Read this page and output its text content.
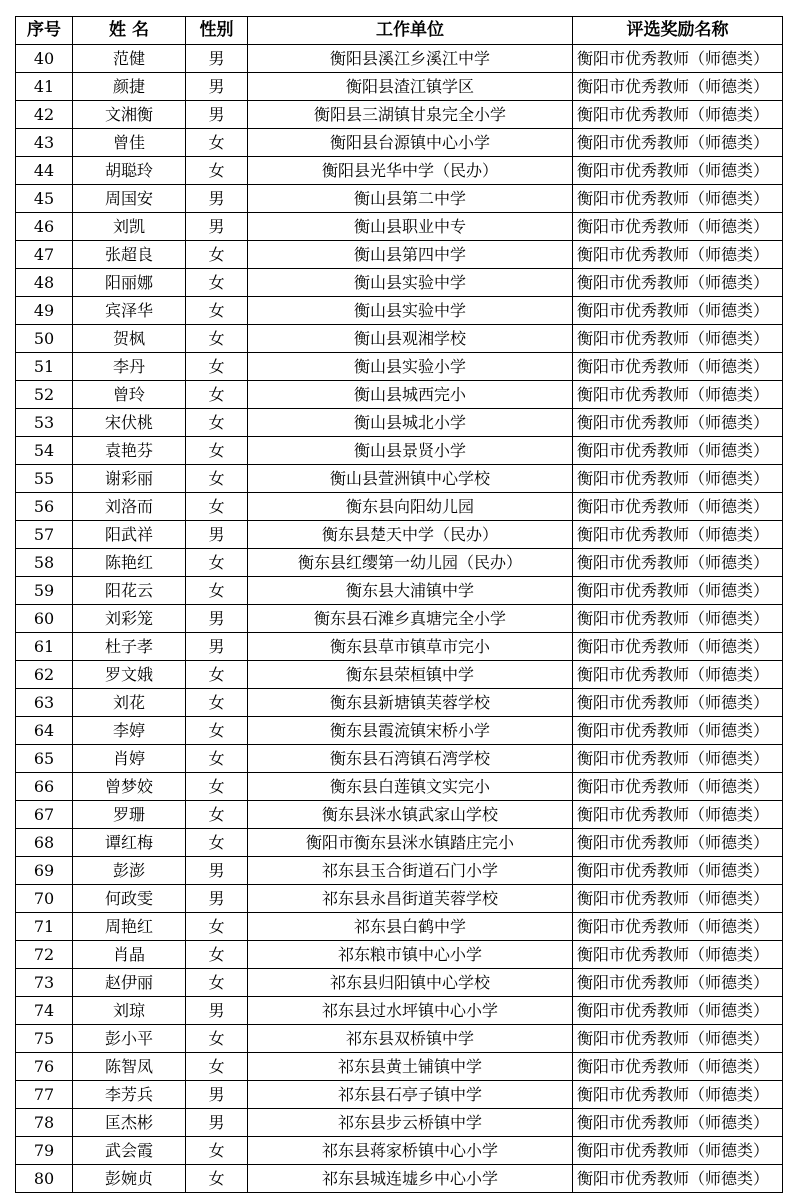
序号	姓 名	性别	工作单位	评选奖励名称
40	范健	男	衡阳县溪江乡溪江中学	衡阳市优秀教师（师德类）
41	颜捷	男	衡阳县渣江镇学区	衡阳市优秀教师（师德类）
42	文湘衡	男	衡阳县三湖镇甘泉完全小学	衡阳市优秀教师（师德类）
43	曾佳	女	衡阳县台源镇中心小学	衡阳市优秀教师（师德类）
44	胡聪玲	女	衡阳县光华中学（民办）	衡阳市优秀教师（师德类）
45	周国安	男	衡山县第二中学	衡阳市优秀教师（师德类）
46	刘凯	男	衡山县职业中专	衡阳市优秀教师（师德类）
47	张超良	女	衡山县第四中学	衡阳市优秀教师（师德类）
48	阳丽娜	女	衡山县实验中学	衡阳市优秀教师（师德类）
49	宾泽华	女	衡山县实验中学	衡阳市优秀教师（师德类）
50	贺枫	女	衡山县观湘学校	衡阳市优秀教师（师德类）
51	李丹	女	衡山县实验小学	衡阳市优秀教师（师德类）
52	曾玲	女	衡山县城西完小	衡阳市优秀教师（师德类）
53	宋伏桃	女	衡山县城北小学	衡阳市优秀教师（师德类）
54	袁艳芬	女	衡山县景贤小学	衡阳市优秀教师（师德类）
55	谢彩丽	女	衡山县萱洲镇中心学校	衡阳市优秀教师（师德类）
56	刘洛而	女	衡东县向阳幼儿园	衡阳市优秀教师（师德类）
57	阳武祥	男	衡东县楚天中学（民办）	衡阳市优秀教师（师德类）
58	陈艳红	女	衡东县红缨第一幼儿园（民办）	衡阳市优秀教师（师德类）
59	阳花云	女	衡东县大浦镇中学	衡阳市优秀教师（师德类）
60	刘彩笼	男	衡东县石滩乡真塘完全小学	衡阳市优秀教师（师德类）
61	杜子孝	男	衡东县草市镇草市完小	衡阳市优秀教师（师德类）
62	罗文娥	女	衡东县荣桓镇中学	衡阳市优秀教师（师德类）
63	刘花	女	衡东县新塘镇芙蓉学校	衡阳市优秀教师（师德类）
64	李婷	女	衡东县霞流镇宋桥小学	衡阳市优秀教师（师德类）
65	肖婷	女	衡东县石湾镇石湾学校	衡阳市优秀教师（师德类）
66	曾梦姣	女	衡东县白莲镇文实完小	衡阳市优秀教师（师德类）
67	罗珊	女	衡东县洣水镇武家山学校	衡阳市优秀教师（师德类）
68	谭红梅	女	衡阳市衡东县洣水镇踏庄完小	衡阳市优秀教师（师德类）
69	彭澎	男	祁东县玉合街道石门小学	衡阳市优秀教师（师德类）
70	何政雯	男	祁东县永昌街道芙蓉学校	衡阳市优秀教师（师德类）
71	周艳红	女	祁东县白鹤中学	衡阳市优秀教师（师德类）
72	肖晶	女	祁东粮市镇中心小学	衡阳市优秀教师（师德类）
73	赵伊丽	女	祁东县归阳镇中心学校	衡阳市优秀教师（师德类）
74	刘琼	男	祁东县过水坪镇中心小学	衡阳市优秀教师（师德类）
75	彭小平	女	祁东县双桥镇中学	衡阳市优秀教师（师德类）
76	陈智凤	女	祁东县黄土铺镇中学	衡阳市优秀教师（师德类）
77	李芳兵	男	祁东县石亭子镇中学	衡阳市优秀教师（师德类）
78	匡杰彬	男	祁东县步云桥镇中学	衡阳市优秀教师（师德类）
79	武会霞	女	祁东县蒋家桥镇中心小学	衡阳市优秀教师（师德类）
80	彭婉贞	女	祁东县城连墟乡中心小学	衡阳市优秀教师（师德类）
